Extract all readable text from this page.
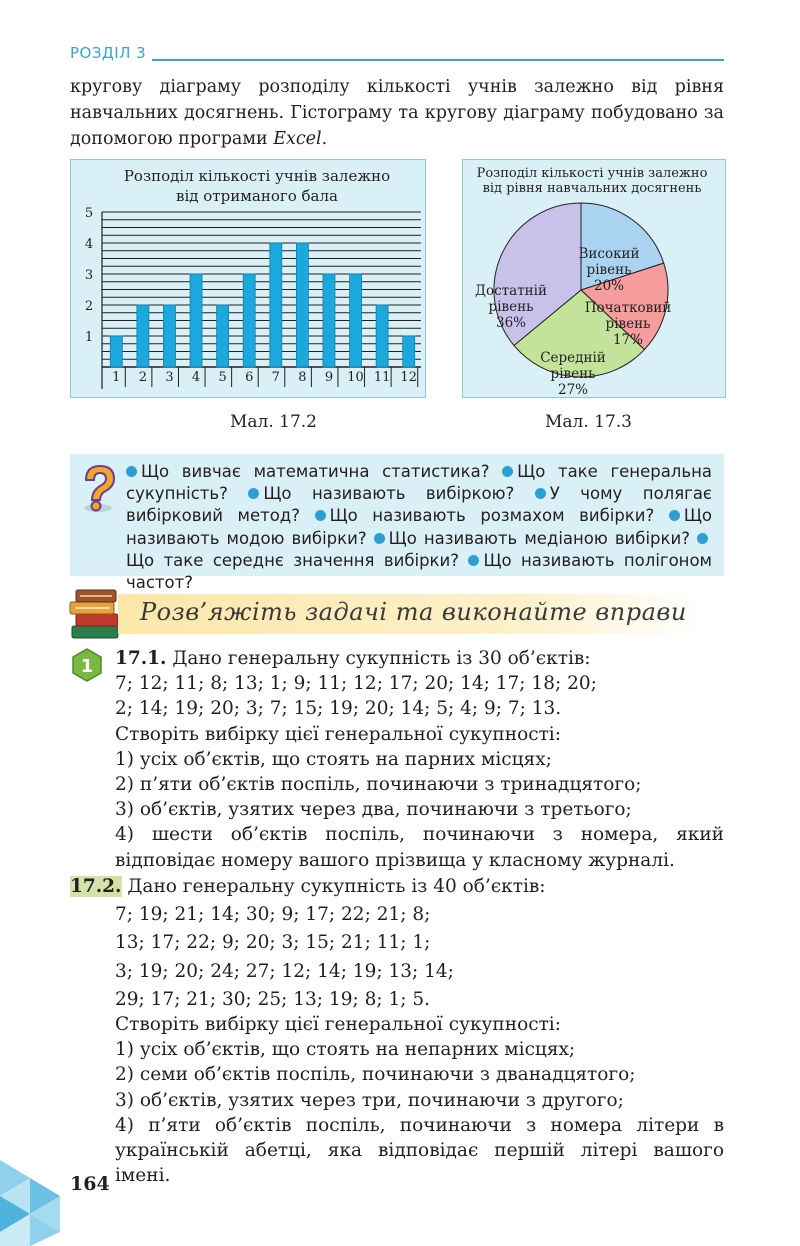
РОЗДІЛ 3
кругову діаграму розподілу кількості учнів залежно від рівня навчальних досягнень. Гістограму та кругову діаграму побудовано за допомогою програми Excel.
Розподіл кількості учнів залежно
від отриманого бала
1
2
3
4
5
1 2 3 4 5 6 7 8 9 10 11 12
Розподіл кількості учнів залежно
від рівня навчальних досягнень
Високий
рівень
20%
Початковий
рівень
17%
Середній
рівень
27%
Достатній
рівень
36%
Мал. 17.2	Мал. 17.3
Що вивчає математична статистика? Що таке генеральна сукупність? Що називають вибіркою? У чому полягає вибірковий метод? Що називають розмахом вибірки? Що називають модою вибірки? Що називають медіаною вибірки? Що таке середнє значення вибірки? Що називають полігоном частот?
Розв’яжіть задачі та виконайте вправи
1 17.1. Дано генеральну сукупність із 30 об’єктів:

7; 12; 11; 8; 13; 1; 9; 11; 12; 17; 20; 14; 17; 18; 20;

2; 14; 19; 20; 3; 7; 15; 19; 20; 14; 5; 4; 9; 7; 13.

Створіть вибірку цієї генеральної сукупності:

1) усіх об’єктів, що стоять на парних місцях;

2) п’яти об’єктів поспіль, починаючи з тринадцятого;

3) об’єктів, узятих через два, починаючи з третього;

4) шести об’єктів поспіль, починаючи з номера, який відповідає номеру вашого прізвища у класному журналі.

17.2. Дано генеральну сукупність із 40 об’єктів:

7; 19; 21; 14; 30; 9; 17; 22; 21; 8;

13; 17; 22; 9; 20; 3; 15; 21; 11; 1;

3; 19; 20; 24; 27; 12; 14; 19; 13; 14;

29; 17; 21; 30; 25; 13; 19; 8; 1; 5.

Створіть вибірку цієї генеральної сукупності:

1) усіх об’єктів, що стоять на непарних місцях;

2) семи об’єктів поспіль, починаючи з дванадцятого;

3) об’єктів, узятих через три, починаючи з другого;

4) п’яти об’єктів поспіль, починаючи з номера літери в українській абетці, яка відповідає першій літері вашого імені.

164
